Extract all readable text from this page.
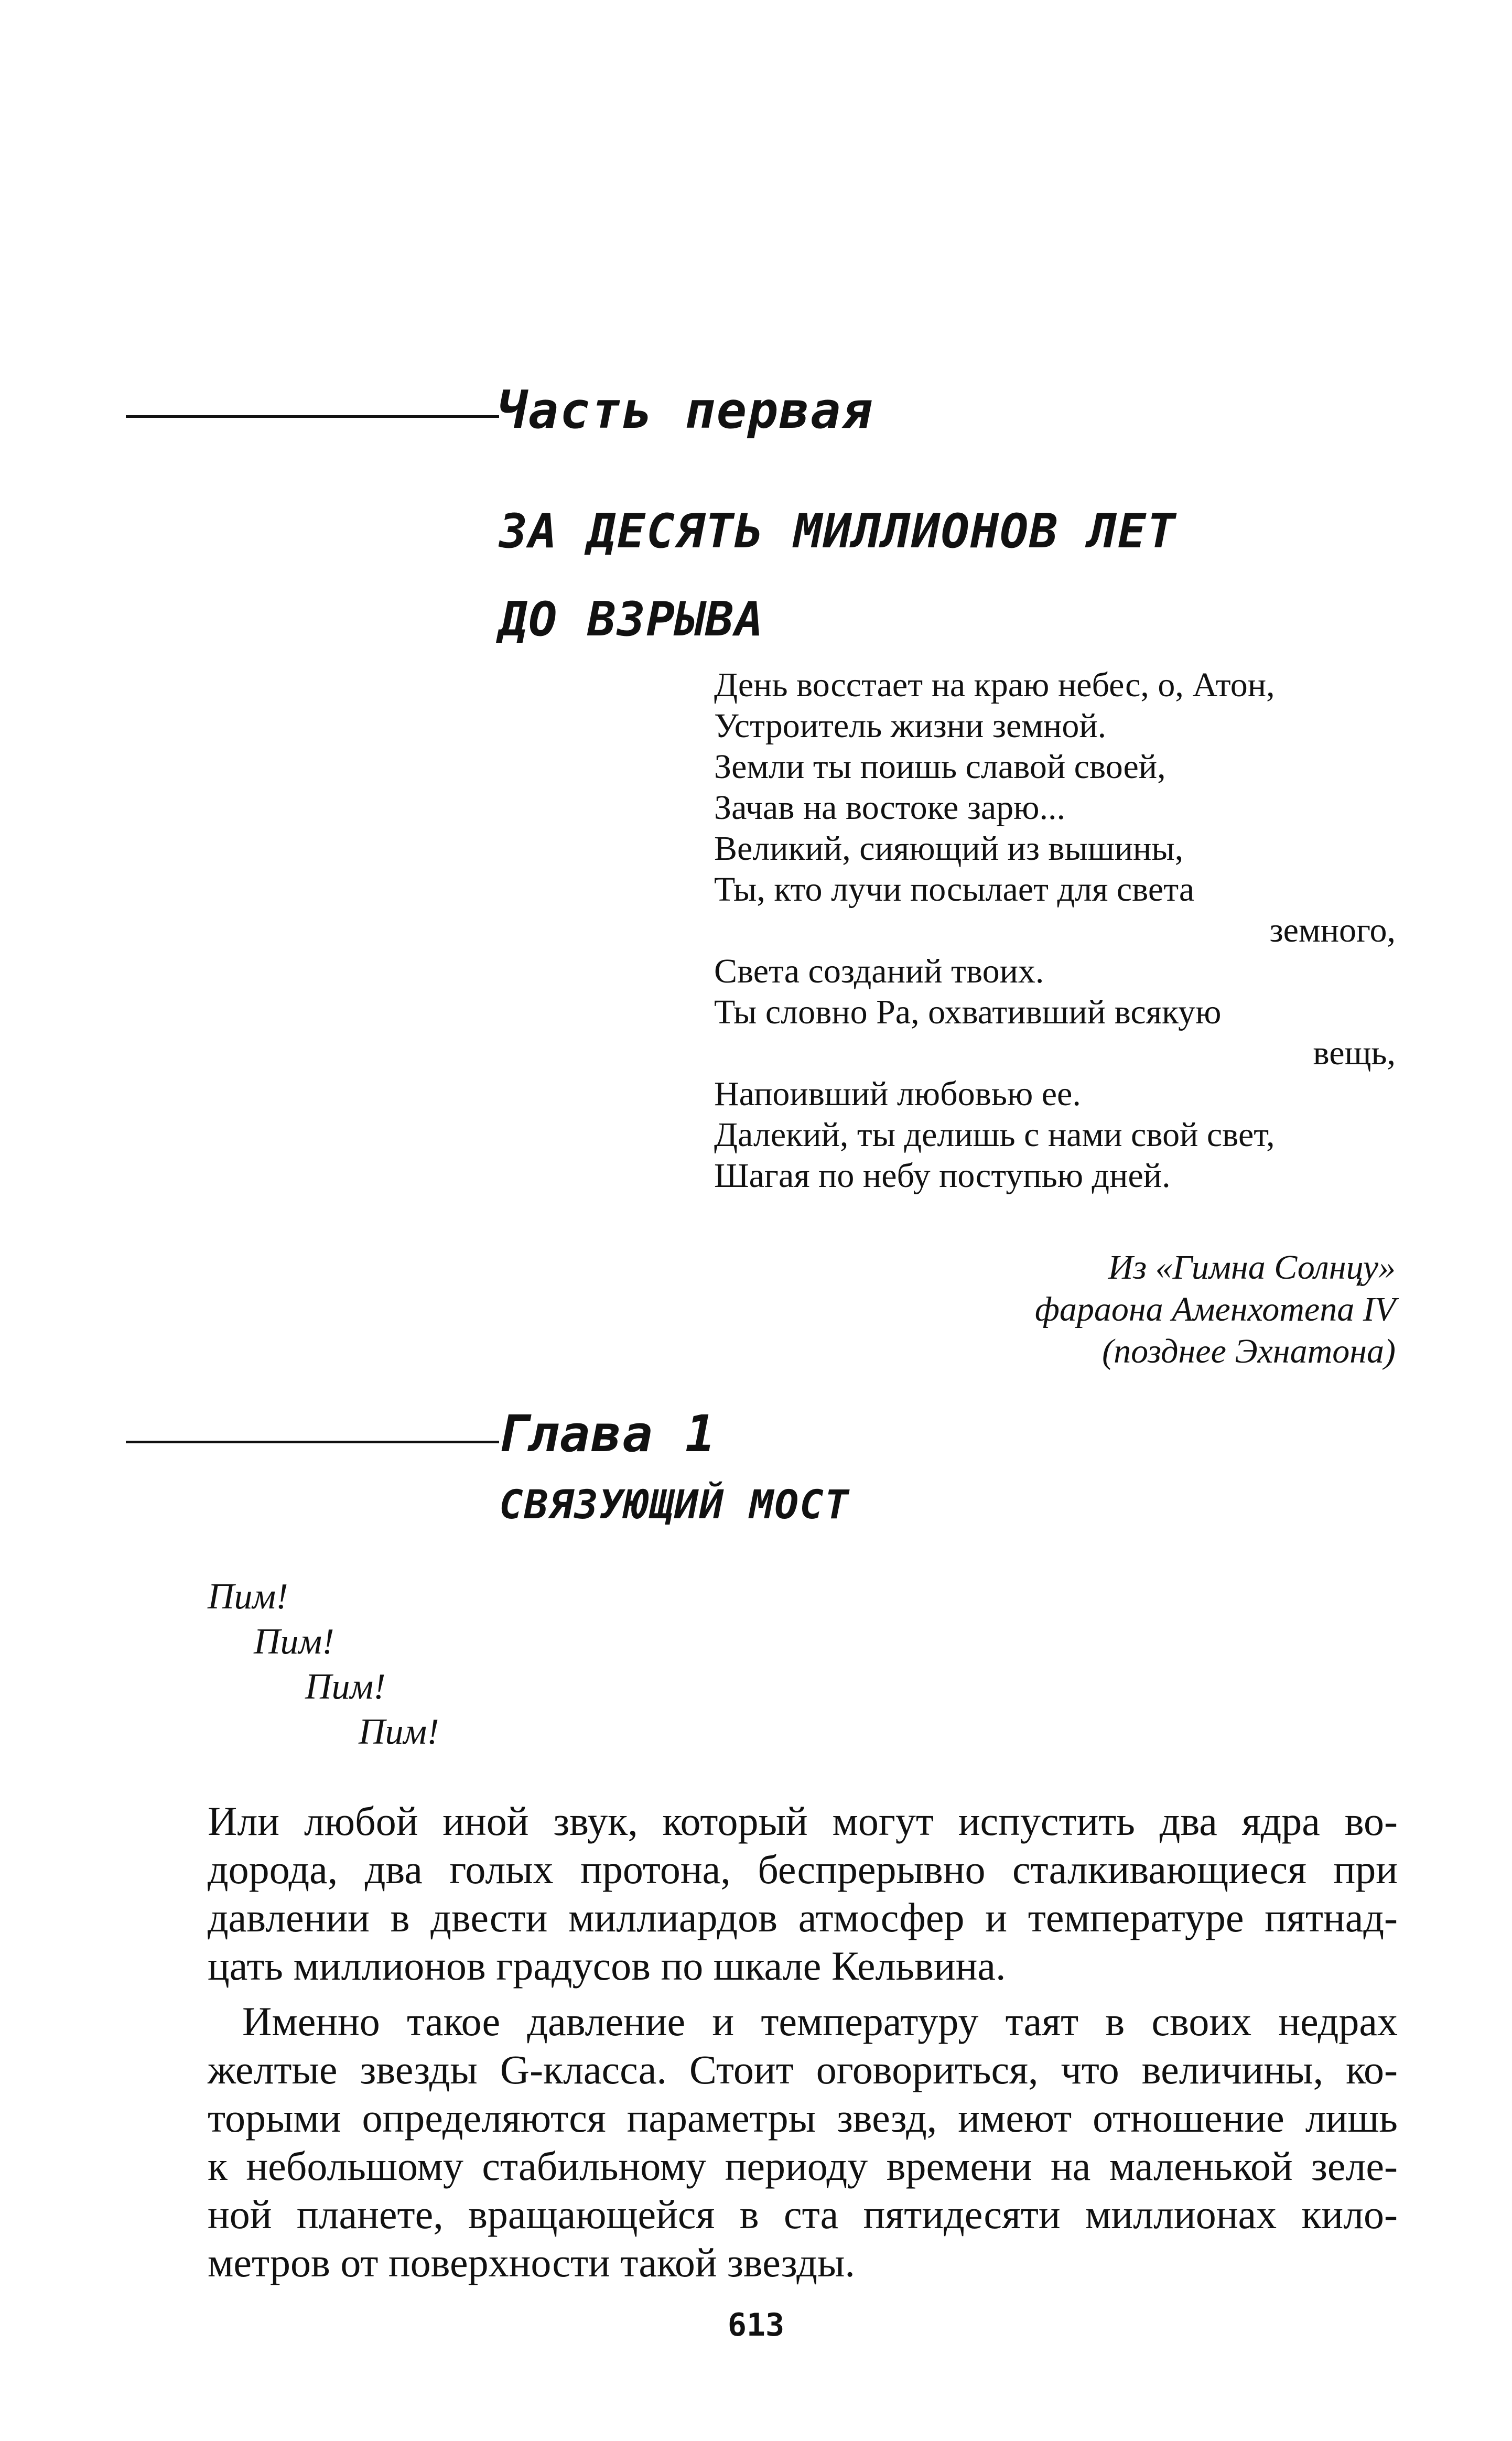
Часть первая
ЗА ДЕСЯТЬ МИЛЛИОНОВ ЛЕТ
ДО ВЗРЫВА
День восстает на краю небес, о, Атон,
Устроитель жизни земной.
Земли ты поишь славой своей,
Зачав на востоке зарю...
Великий, сияющий из вышины,
Ты, кто лучи посылает для света
земного,
Света созданий твоих.
Ты словно Ра, охвативший всякую
вещь,
Напоивший любовью ее.
Далекий, ты делишь с нами свой свет,
Шагая по небу поступью дней.
Из «Гимна Солнцу»
фараона Аменхотепа IV
(позднее Эхнатона)
Глава 1
СВЯЗУЮЩИЙ МОСТ
Пим!
Пим!
Пим!
Пим!
Или любой иной звук, который могут испустить два ядра во-
дорода, два голых протона, беспрерывно сталкивающиеся при
давлении в двести миллиардов атмосфер и температуре пятнад-
цать миллионов градусов по шкале Кельвина.
Именно такое давление и температуру таят в своих недрах
желтые звезды G-класса. Стоит оговориться, что величины, ко-
торыми определяются параметры звезд, имеют отношение лишь
к небольшому стабильному периоду времени на маленькой зеле-
ной планете, вращающейся в ста пятидесяти миллионах кило-
метров от поверхности такой звезды.
613
